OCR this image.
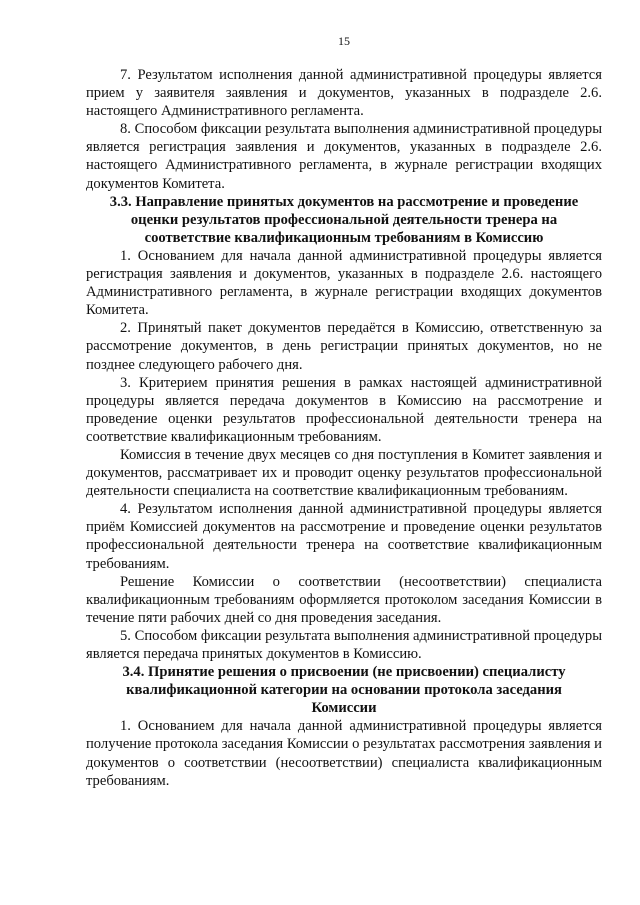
15

7. Результатом исполнения данной административной процедуры является прием у заявителя заявления и документов, указанных в подразделе 2.6. настоящего Административного регламента.

8. Способом фиксации результата выполнения административной процедуры является регистрация заявления и документов, указанных в подразделе 2.6. настоящего Административного регламента, в журнале регистрации входящих документов Комитета.

3.3. Направление принятых документов на рассмотрение и проведение оценки результатов профессиональной деятельности тренера на соответствие квалификационным требованиям в Комиссию

1. Основанием для начала данной административной процедуры является регистрация заявления и документов, указанных в подразделе 2.6. настоящего Административного регламента, в журнале регистрации входящих документов Комитета.

2. Принятый пакет документов передаётся в Комиссию, ответственную за рассмотрение документов, в день регистрации принятых документов, но не позднее следующего рабочего дня.

3. Критерием принятия решения в рамках настоящей административной процедуры является передача документов в Комиссию на рассмотрение и проведение оценки результатов профессиональной деятельности тренера на соответствие квалификационным требованиям.

Комиссия в течение двух месяцев со дня поступления в Комитет заявления и документов, рассматривает их и проводит оценку результатов профессиональной деятельности специалиста на соответствие квалификационным требованиям.

4. Результатом исполнения данной административной процедуры является приём Комиссией документов на рассмотрение и проведение оценки результатов профессиональной деятельности тренера на соответствие квалификационным требованиям.

Решение Комиссии о соответствии (несоответствии) специалиста квалификационным требованиям оформляется протоколом заседания Комиссии в течение пяти рабочих дней со дня проведения заседания.

5. Способом фиксации результата выполнения административной процедуры является передача принятых документов в Комиссию.

3.4. Принятие решения о присвоении (не присвоении) специалисту квалификационной категории на основании протокола заседания Комиссии

1. Основанием для начала данной административной процедуры является получение протокола заседания Комиссии о результатах рассмотрения заявления и документов о соответствии (несоответствии) специалиста квалификационным требованиям.
